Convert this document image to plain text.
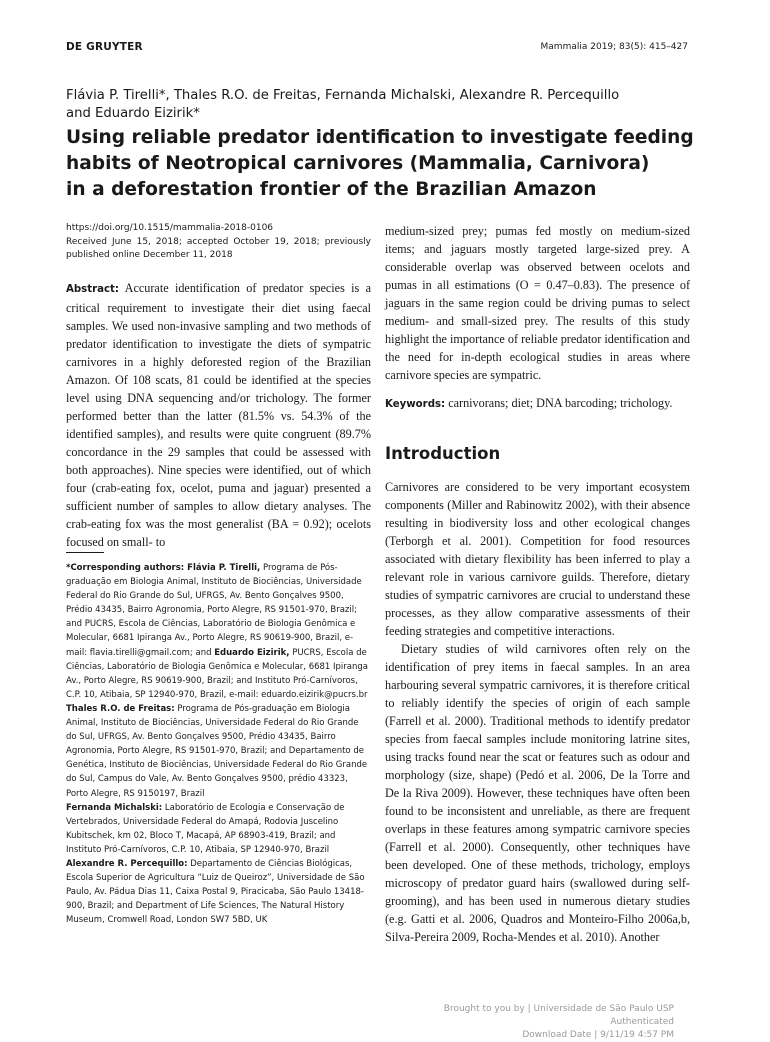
DE GRUYTER	Mammalia 2019; 83(5): 415–427
Flávia P. Tirelli*, Thales R.O. de Freitas, Fernanda Michalski, Alexandre R. Percequillo
and Eduardo Eizirik*
Using reliable predator identification to investigate feeding
habits of Neotropical carnivores (Mammalia, Carnivora)
in a deforestation frontier of the Brazilian Amazon
https://doi.org/10.1515/mammalia-2018-0106
Received June 15, 2018; accepted October 19, 2018; previously published online December 11, 2018

Abstract: Accurate identification of predator species is a critical requirement to investigate their diet using faecal samples. We used non-invasive sampling and two methods of predator identification to investigate the diets of sympatric carnivores in a highly deforested region of the Brazilian Amazon. Of 108 scats, 81 could be identified at the species level using DNA sequencing and/or trichology. The former performed better than the latter (81.5% vs. 54.3% of the identified samples), and results were quite congruent (89.7% concordance in the 29 samples that could be assessed with both approaches). Nine species were identified, out of which four (crab-eating fox, ocelot, puma and jaguar) presented a sufficient number of samples to allow dietary analyses. The crab-eating fox was the most generalist (BA = 0.92); ocelots focused on small- to

*Corresponding authors: Flávia P. Tirelli, Programa de Pós-graduação em Biologia Animal, Instituto de Biociências, Universidade Federal do Rio Grande do Sul, UFRGS, Av. Bento Gonçalves 9500, Prédio 43435, Bairro Agronomia, Porto Alegre, RS 91501-970, Brazil; and PUCRS, Escola de Ciências, Laboratório de Biologia Genômica e Molecular, 6681 Ipiranga Av., Porto Alegre, RS 90619-900, Brazil, e-mail: flavia.tirelli@gmail.com; and Eduardo Eizirik, PUCRS, Escola de Ciências, Laboratório de Biologia Genômica e Molecular, 6681 Ipiranga Av., Porto Alegre, RS 90619-900, Brazil; and Instituto Pró-Carnívoros, C.P. 10, Atibaia, SP 12940-970, Brazil, e-mail: eduardo.eizirik@pucrs.br

Thales R.O. de Freitas: Programa de Pós-graduação em Biologia Animal, Instituto de Biociências, Universidade Federal do Rio Grande do Sul, UFRGS, Av. Bento Gonçalves 9500, Prédio 43435, Bairro Agronomia, Porto Alegre, RS 91501-970, Brazil; and Departamento de Genética, Instituto de Biociências, Universidade Federal do Rio Grande do Sul, Campus do Vale, Av. Bento Gonçalves 9500, prédio 43323, Porto Alegre, RS 9150197, Brazil

Fernanda Michalski: Laboratório de Ecologia e Conservação de Vertebrados, Universidade Federal do Amapá, Rodovia Juscelino Kubitschek, km 02, Bloco T, Macapá, AP 68903-419, Brazil; and Instituto Pró-Carnívoros, C.P. 10, Atibaia, SP 12940-970, Brazil

Alexandre R. Percequillo: Departamento de Ciências Biológicas, Escola Superior de Agricultura “Luiz de Queiroz”, Universidade de São Paulo, Av. Pádua Dias 11, Caixa Postal 9, Piracicaba, São Paulo 13418-900, Brazil; and Department of Life Sciences, The Natural History Museum, Cromwell Road, London SW7 5BD, UK

medium-sized prey; pumas fed mostly on medium-sized items; and jaguars mostly targeted large-sized prey. A considerable overlap was observed between ocelots and pumas in all estimations (O = 0.47–0.83). The presence of jaguars in the same region could be driving pumas to select medium- and small-sized prey. The results of this study highlight the importance of reliable predator identification and the need for in-depth ecological studies in areas where carnivore species are sympatric.

Keywords: carnivorans; diet; DNA barcoding; trichology.

Introduction

Carnivores are considered to be very important ecosystem components (Miller and Rabinowitz 2002), with their absence resulting in biodiversity loss and other ecological changes (Terborgh et al. 2001). Competition for food resources associated with dietary flexibility has been inferred to play a relevant role in various carnivore guilds. Therefore, dietary studies of sympatric carnivores are crucial to understand these processes, as they allow comparative assessments of their feeding strategies and competitive interactions.

Dietary studies of wild carnivores often rely on the identification of prey items in faecal samples. In an area harbouring several sympatric carnivores, it is therefore critical to reliably identify the species of origin of each sample (Farrell et al. 2000). Traditional methods to identify predator species from faecal samples include monitoring latrine sites, using tracks found near the scat or features such as odour and morphology (size, shape) (Pedó et al. 2006, De la Torre and De la Riva 2009). However, these techniques have often been found to be inconsistent and unreliable, as there are frequent overlaps in these features among sympatric carnivore species (Farrell et al. 2000). Consequently, other techniques have been developed. One of these methods, trichology, employs microscopy of predator guard hairs (swallowed during self-grooming), and has been used in numerous dietary studies (e.g. Gatti et al. 2006, Quadros and Monteiro-Filho 2006a,b, Silva-Pereira 2009, Rocha-Mendes et al. 2010). Another

Brought to you by | Universidade de São Paulo USP
Authenticated
Download Date | 9/11/19 4:57 PM
